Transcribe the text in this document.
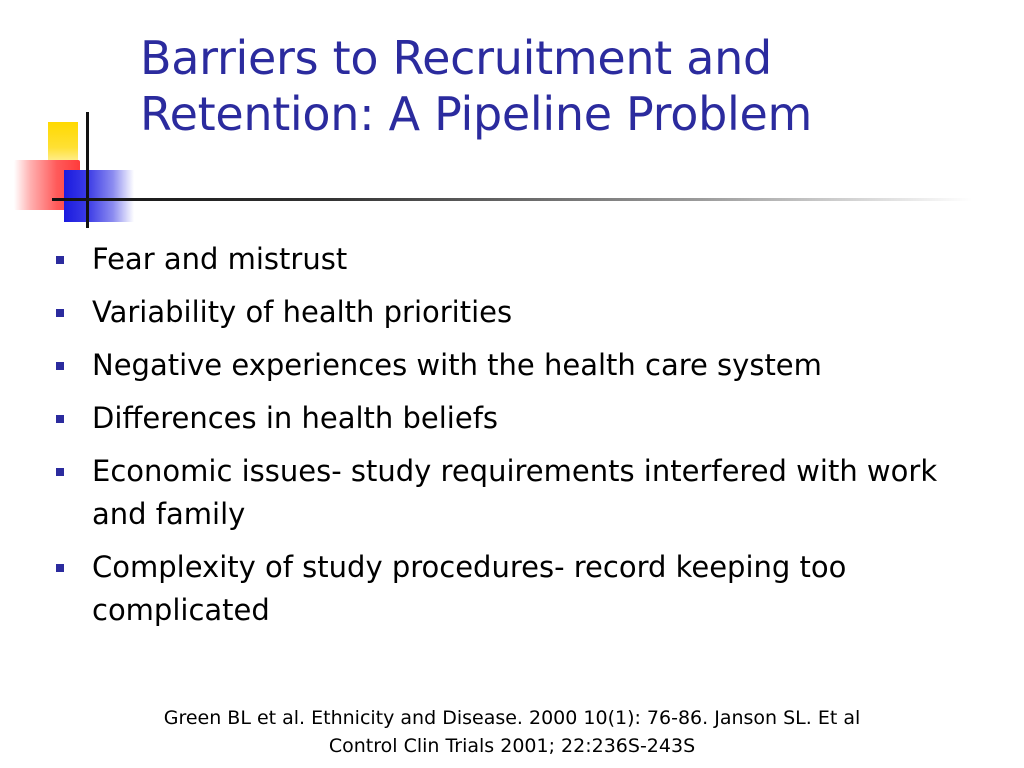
Barriers to Recruitment and
Retention: A Pipeline Problem
Fear and mistrust
Variability of health priorities
Negative experiences with the health care system
Differences in health beliefs
Economic issues- study requirements interfered with work and family
Complexity of study procedures- record keeping too complicated

Green BL et al. Ethnicity and Disease. 2000 10(1): 76-86. Janson SL. Et al
Control Clin Trials 2001; 22:236S-243S
